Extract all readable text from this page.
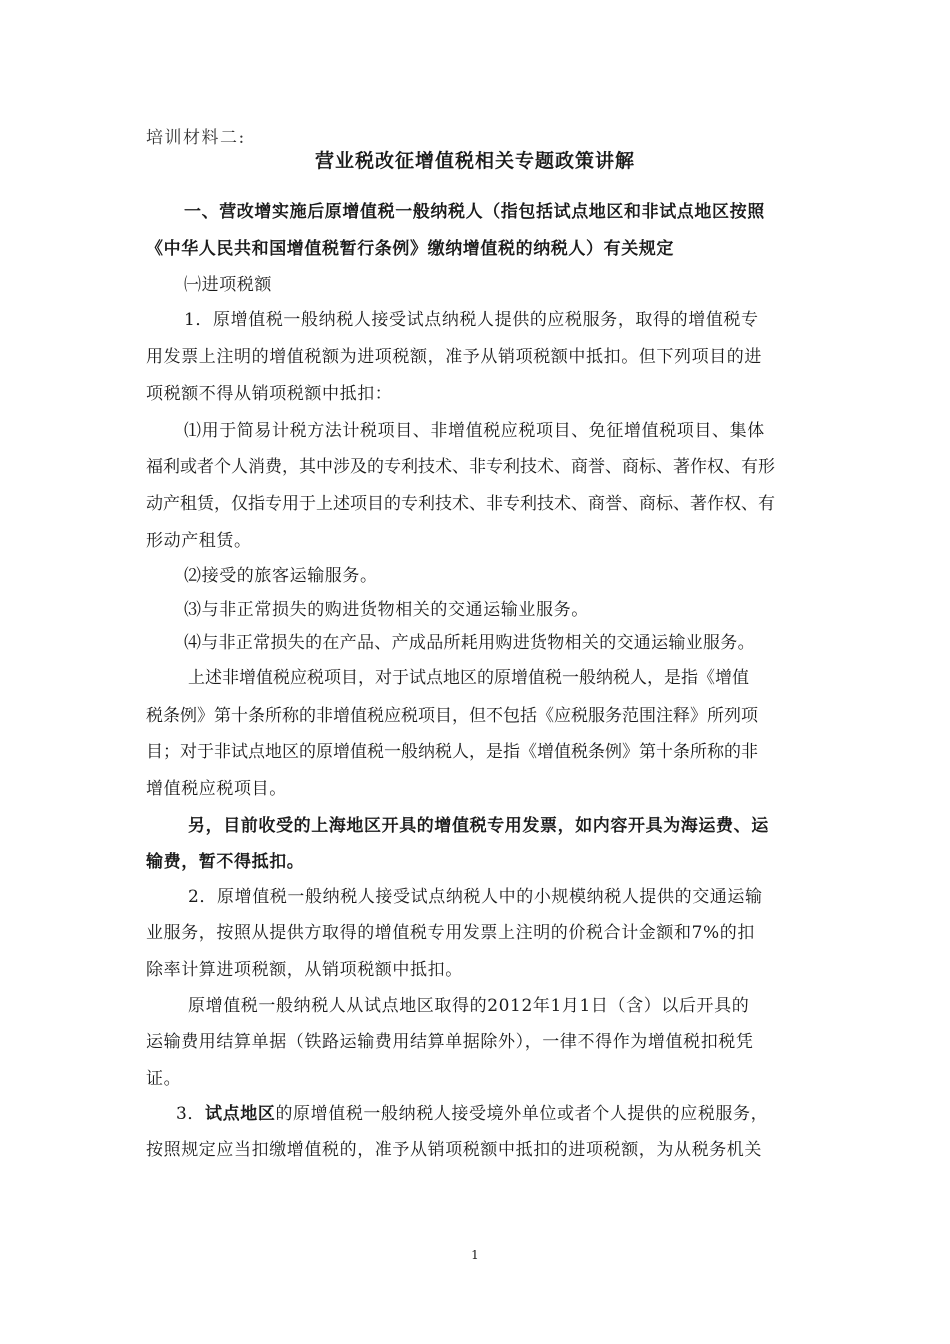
培训材料二:
营业税改征增值税相关专题政策讲解
一、营改增实施后原增值税一般纳税人（指包括试点地区和非试点地区按照
《中华人民共和国增值税暂行条例》缴纳增值税的纳税人）有关规定
㈠进项税额
1．原增值税一般纳税人接受试点纳税人提供的应税服务，取得的增值税专
用发票上注明的增值税额为进项税额，准予从销项税额中抵扣。但下列项目的进
项税额不得从销项税额中抵扣：
⑴用于简易计税方法计税项目、非增值税应税项目、免征增值税项目、集体
福利或者个人消费，其中涉及的专利技术、非专利技术、商誉、商标、著作权、有形
动产租赁，仅指专用于上述项目的专利技术、非专利技术、商誉、商标、著作权、有
形动产租赁。
⑵接受的旅客运输服务。
⑶与非正常损失的购进货物相关的交通运输业服务。
⑷与非正常损失的在产品、产成品所耗用购进货物相关的交通运输业服务。
上述非增值税应税项目，对于试点地区的原增值税一般纳税人，是指《增值
税条例》第十条所称的非增值税应税项目，但不包括《应税服务范围注释》所列项
目；对于非试点地区的原增值税一般纳税人，是指《增值税条例》第十条所称的非
增值税应税项目。
另，目前收受的上海地区开具的增值税专用发票，如内容开具为海运费、运
输费，暂不得抵扣。
2．原增值税一般纳税人接受试点纳税人中的小规模纳税人提供的交通运输
业服务，按照从提供方取得的增值税专用发票上注明的价税合计金额和7%的扣
除率计算进项税额，从销项税额中抵扣。
原增值税一般纳税人从试点地区取得的2012年1月1日（含）以后开具的
运输费用结算单据（铁路运输费用结算单据除外），一律不得作为增值税扣税凭
证。
3．试点地区的原增值税一般纳税人接受境外单位或者个人提供的应税服务，
按照规定应当扣缴增值税的，准予从销项税额中抵扣的进项税额，为从税务机关
1
